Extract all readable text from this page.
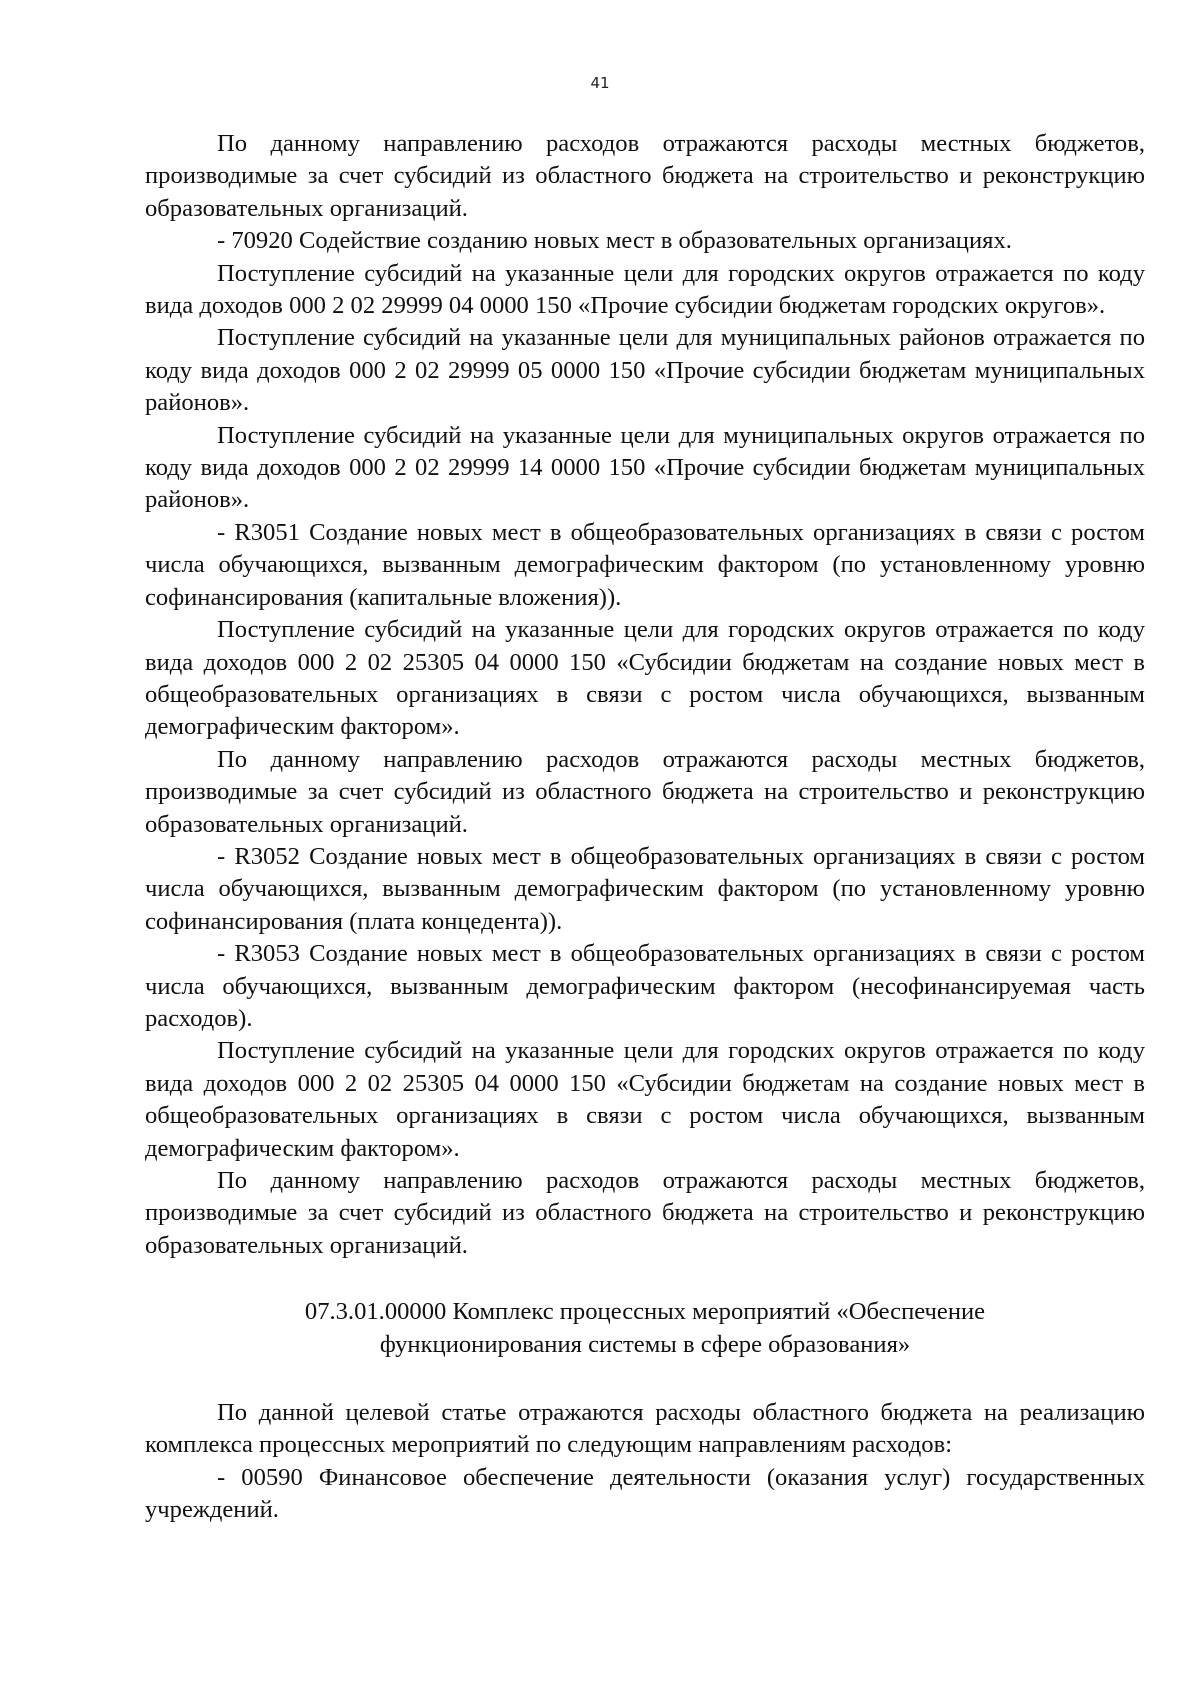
41

По данному направлению расходов отражаются расходы местных бюджетов, производимые за счет субсидий из областного бюджета на строительство и реконструкцию образовательных организаций.

- 70920 Содействие созданию новых мест в образовательных организациях.

Поступление субсидий на указанные цели для городских округов отражается по коду вида доходов 000 2 02 29999 04 0000 150 «Прочие субсидии бюджетам городских округов».

Поступление субсидий на указанные цели для муниципальных районов отражается по коду вида доходов 000 2 02 29999 05 0000 150 «Прочие субсидии бюджетам муниципальных районов».

Поступление субсидий на указанные цели для муниципальных округов отражается по коду вида доходов 000 2 02 29999 14 0000 150 «Прочие субсидии бюджетам муниципальных районов».

- R3051 Создание новых мест в общеобразовательных организациях в связи с ростом числа обучающихся, вызванным демографическим фактором (по установленному уровню софинансирования (капитальные вложения)).

Поступление субсидий на указанные цели для городских округов отражается по коду вида доходов 000 2 02 25305 04 0000 150 «Субсидии бюджетам на создание новых мест в общеобразовательных организациях в связи с ростом числа обучающихся, вызванным демографическим фактором».

По данному направлению расходов отражаются расходы местных бюджетов, производимые за счет субсидий из областного бюджета на строительство и реконструкцию образовательных организаций.

- R3052 Создание новых мест в общеобразовательных организациях в связи с ростом числа обучающихся, вызванным демографическим фактором (по установленному уровню софинансирования (плата концедента)).

- R3053 Создание новых мест в общеобразовательных организациях в связи с ростом числа обучающихся, вызванным демографическим фактором (несофинансируемая часть расходов).

Поступление субсидий на указанные цели для городских округов отражается по коду вида доходов 000 2 02 25305 04 0000 150 «Субсидии бюджетам на создание новых мест в общеобразовательных организациях в связи с ростом числа обучающихся, вызванным демографическим фактором».

По данному направлению расходов отражаются расходы местных бюджетов, производимые за счет субсидий из областного бюджета на строительство и реконструкцию образовательных организаций.

07.3.01.00000 Комплекс процессных мероприятий «Обеспечение
функционирования системы в сфере образования»

По данной целевой статье отражаются расходы областного бюджета на реализацию комплекса процессных мероприятий по следующим направлениям расходов:

- 00590 Финансовое обеспечение деятельности (оказания услуг) государственных учреждений.
